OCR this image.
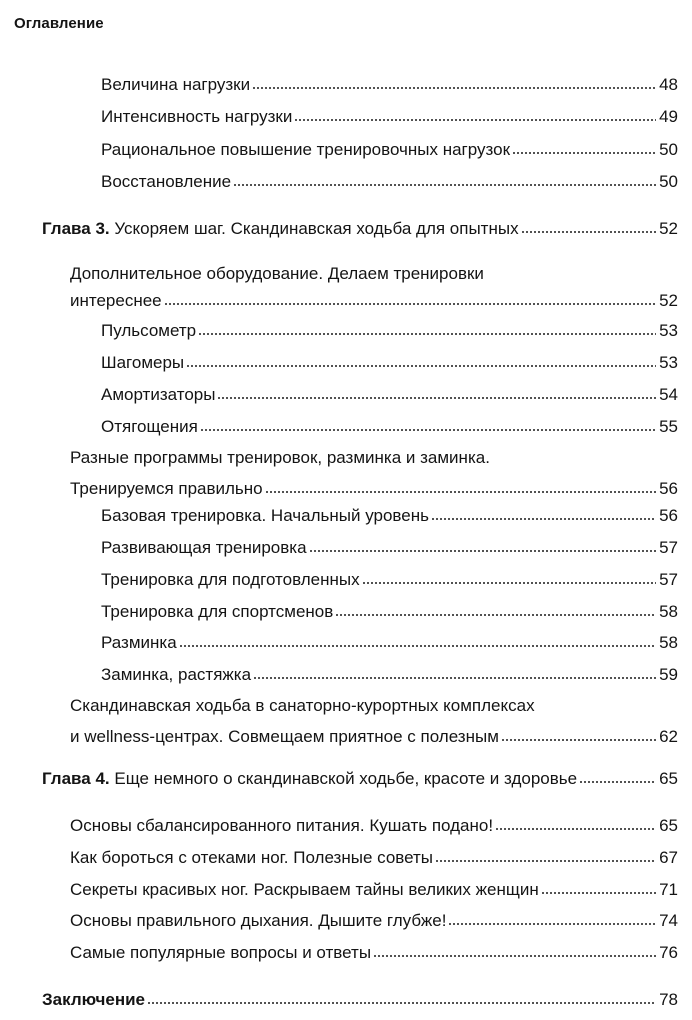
Оглавление
Величина нагрузки	48
Интенсивность нагрузки	49
Рациональное повышение тренировочных нагрузок	50
Восстановление	50
Глава 3. Ускоряем шаг. Скандинавская ходьба для опытных	52
Дополнительное оборудование. Делаем тренировки
интереснее	52
Пульсометр	53
Шагомеры	53
Амортизаторы	54
Отягощения	55
Разные программы тренировок, разминка и заминка.
Тренируемся правильно	56
Базовая тренировка. Начальный уровень	56
Развивающая тренировка	57
Тренировка для подготовленных	57
Тренировка для спортсменов	58
Разминка	58
Заминка, растяжка	59
Скандинавская ходьба в санаторно-курортных комплексах
и wellness-центрах. Совмещаем приятное с полезным	62
Глава 4. Еще немного о скандинавской ходьбе, красоте и здоровье	65
Основы сбалансированного питания. Кушать подано!	65
Как бороться с отеками ног. Полезные советы	67
Секреты красивых ног. Раскрываем тайны великих женщин	71
Основы правильного дыхания. Дышите глубже!	74
Самые популярные вопросы и ответы	76
Заключение	78
